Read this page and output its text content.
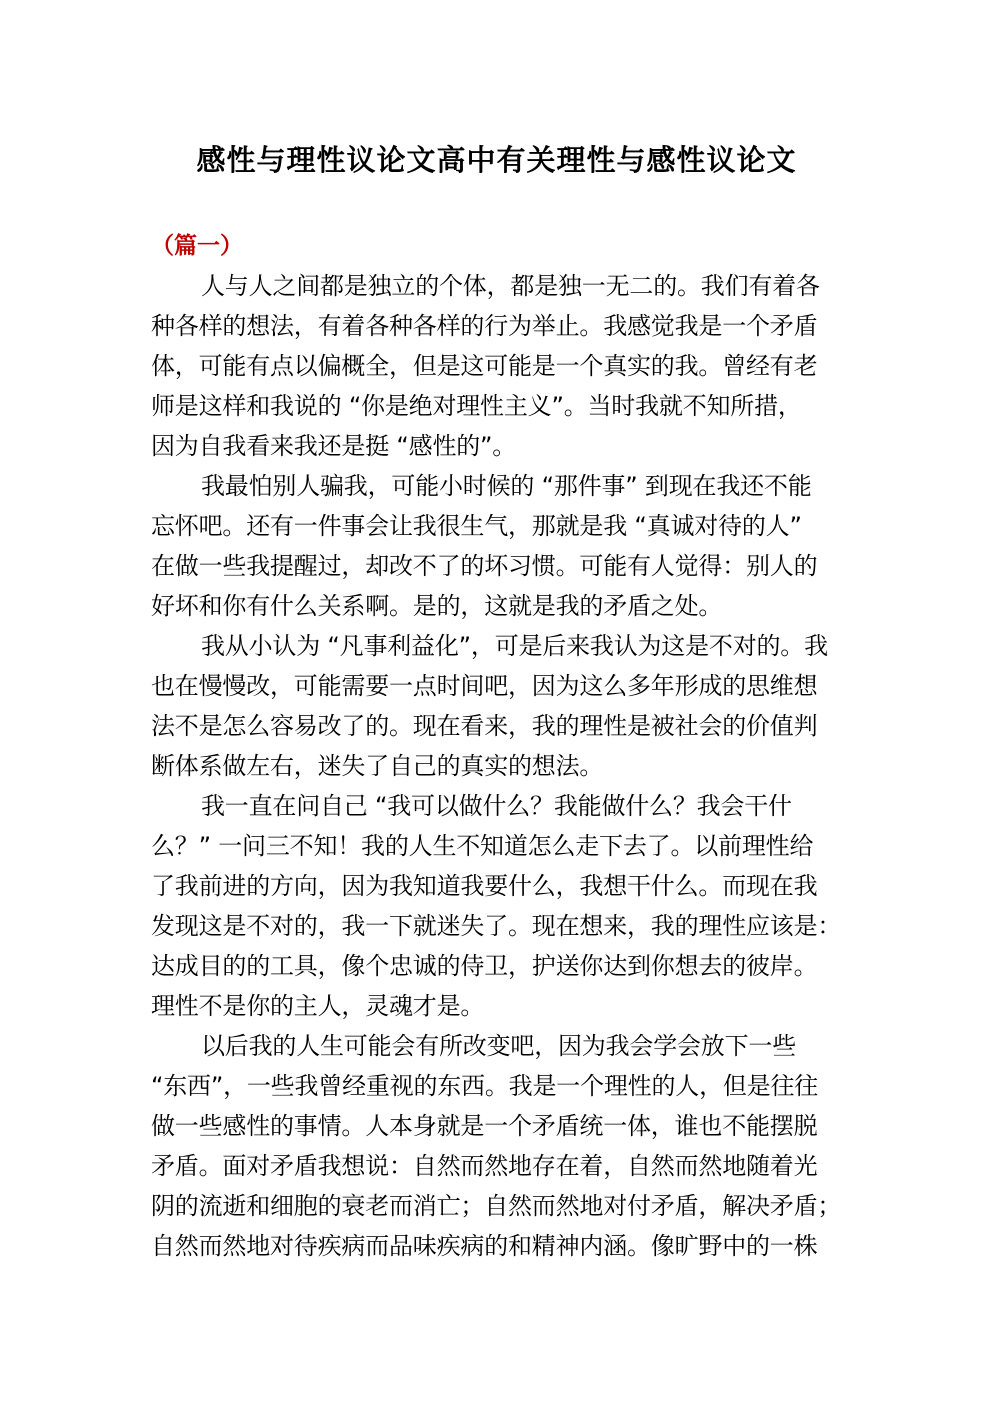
感性与理性议论文高中有关理性与感性议论文
（篇一）
人与人之间都是独立的个体，都是独一无二的。我们有着各
种各样的想法，有着各种各样的行为举止。我感觉我是一个矛盾
体，可能有点以偏概全，但是这可能是一个真实的我。曾经有老
师是这样和我说的 “你是绝对理性主义”。当时我就不知所措，
因为自我看来我还是挺 “感性的”。
我最怕别人骗我，可能小时候的 “那件事” 到现在我还不能
忘怀吧。还有一件事会让我很生气，那就是我 “真诚对待的人”
在做一些我提醒过，却改不了的坏习惯。可能有人觉得：别人的
好坏和你有什么关系啊。是的，这就是我的矛盾之处。
我从小认为 “凡事利益化”，可是后来我认为这是不对的。我
也在慢慢改，可能需要一点时间吧，因为这么多年形成的思维想
法不是怎么容易改了的。现在看来，我的理性是被社会的价值判
断体系做左右，迷失了自己的真实的想法。
我一直在问自己 “我可以做什么？我能做什么？我会干什
么？” 一问三不知！我的人生不知道怎么走下去了。以前理性给
了我前进的方向，因为我知道我要什么，我想干什么。而现在我
发现这是不对的，我一下就迷失了。现在想来，我的理性应该是：
达成目的的工具，像个忠诚的侍卫，护送你达到你想去的彼岸。
理性不是你的主人，灵魂才是。
以后我的人生可能会有所改变吧，因为我会学会放下一些
“东西”，一些我曾经重视的东西。我是一个理性的人，但是往往
做一些感性的事情。人本身就是一个矛盾统一体，谁也不能摆脱
矛盾。面对矛盾我想说：自然而然地存在着，自然而然地随着光
阴的流逝和细胞的衰老而消亡；自然而然地对付矛盾，解决矛盾；
自然而然地对待疾病而品味疾病的和精神内涵。像旷野中的一株
